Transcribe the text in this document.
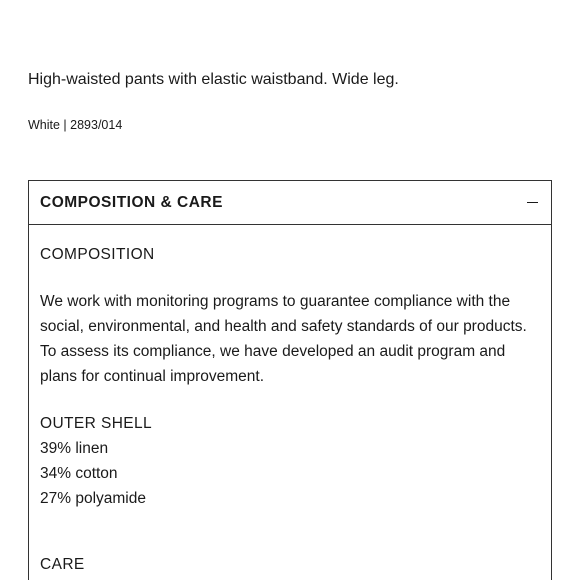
High-waisted pants with elastic waistband. Wide leg.

White | 2893/014

COMPOSITION & CARE

COMPOSITION

We work with monitoring programs to guarantee compliance with the social, environmental, and health and safety standards of our products. To assess its compliance, we have developed an audit program and plans for continual improvement.

OUTER SHELL
39% linen
34% cotton
27% polyamide

CARE
